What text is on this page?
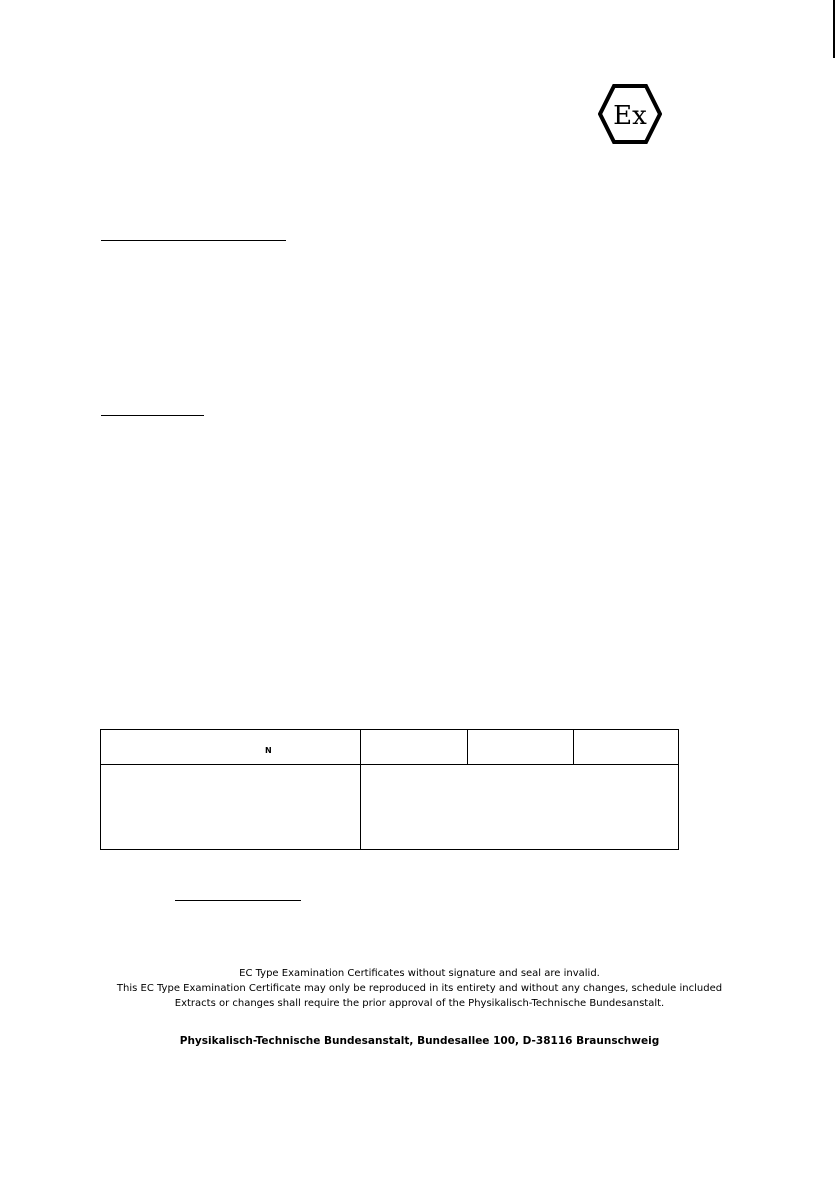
Ex
N

EC Type Examination Certificates without signature and seal are invalid.

This EC Type Examination Certificate may only be reproduced in its entirety and without any changes, schedule included

Extracts or changes shall require the prior approval of the Physikalisch-Technische Bundesanstalt.

Physikalisch-Technische Bundesanstalt, Bundesallee 100, D-38116 Braunschweig
